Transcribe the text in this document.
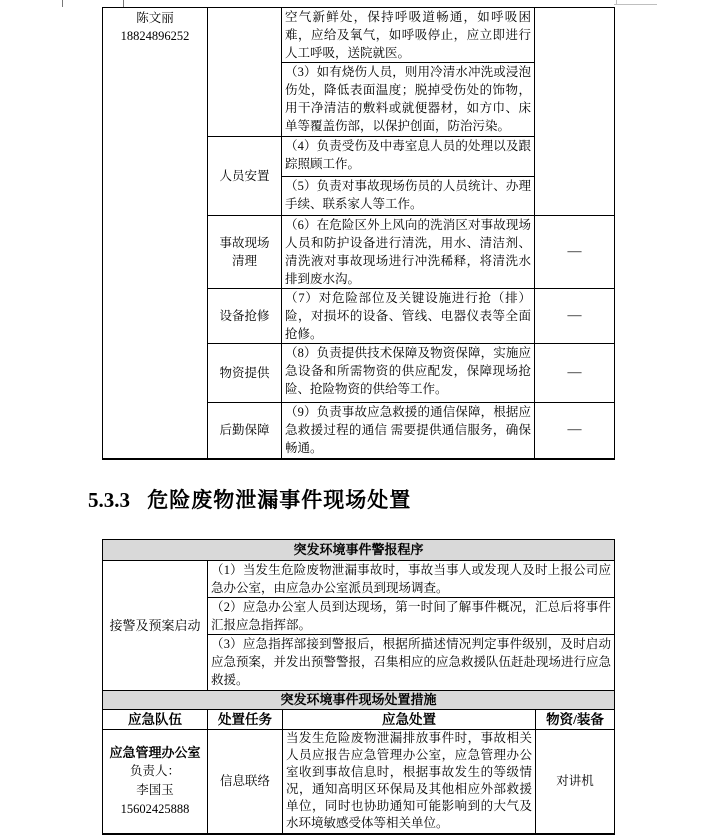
陈文丽
18824896252		空气新鲜处，保持呼吸道畅通，如呼吸困难，应给及氧气，如呼吸停止，应立即进行人工呼吸，送院就医。	
		（3）如有烧伤人员，则用冷清水冲洗或浸泡伤处，降低表面温度；脱掉受伤处的饰物，用干净清洁的敷料或就便器材，如方巾、床单等覆盖伤部，以保护创面，防治污染。	
	人员安置	（4）负责受伤及中毒室息人员的处理以及跟踪照顾工作。	
		（5）负责对事故现场伤员的人员统计、办理手续、联系家人等工作。	

	事故现场
清理	（6）在危险区外上风向的洗消区对事故现场人员和防护设备进行清洗，用水、清洁剂、清洗液对事故现场进行冲洗稀释，将清洗水排到废水沟。	—
	设备抢修	（7）对危险部位及关键设施进行抢（排）险，对损坏的设备、管线、电器仪表等全面抢修。	—
	物资提供	（8）负责提供技术保障及物资保障，实施应急设备和所需物资的供应配发，保障现场抢险、抢险物资的供给等工作。	—
	后勤保障	（9）负责事故应急救援的通信保障，根据应急救援过程的通信 需要提供通信服务，确保畅通。	—
5.3.3 危险废物泄漏事件现场处置
突发环境事件警报程序			
接警及预案启动	（1）当发生危险废物泄漏事故时，事故当事人或发现人及时上报公司应急办公室，由应急办公室派员到现场调查。		
	（2）应急办公室人员到达现场，第一时间了解事件概况，汇总后将事件汇报应急指挥部。		
	（3）应急指挥部接到警报后，根据所描述情况判定事件级别，及时启动应急预案，并发出预警警报，召集相应的应急救援队伍赶赴现场进行应急救援。		
突发环境事件现场处置措施			
应急队伍	处置任务	应急处置	物资/装备

应急管理办公室
负责人：
李国玉
15602425888	信息联络	当发生危险废物泄漏排放事件时，事故相关人员应报告应急管理办公室，应急管理办公室收到事故信息时，根据事故发生的等级情况，通知高明区环保局及其他相应外部救援单位，同时也协助通知可能影响到的大气及水环境敏感受体等相关单位。	对讲机
